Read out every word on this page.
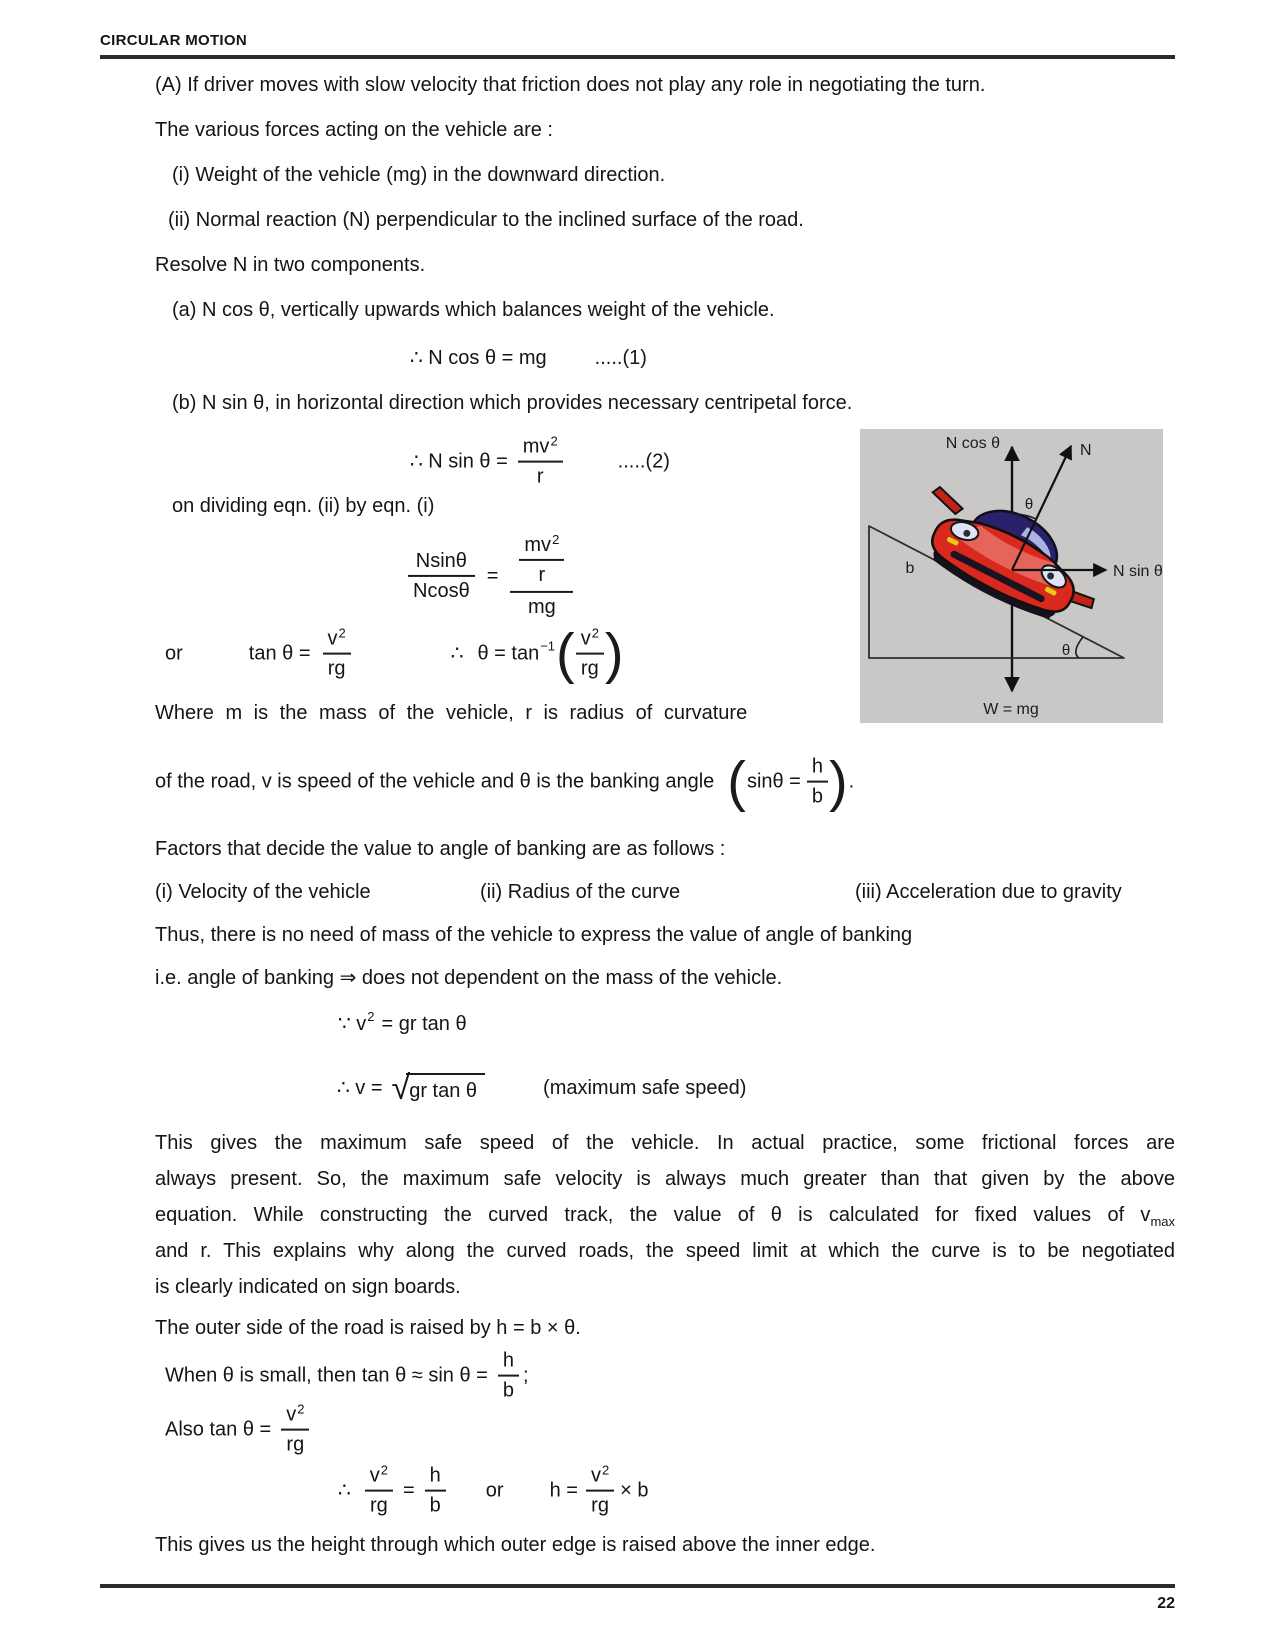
CIRCULAR MOTION
(A) If driver moves with slow velocity that friction does not play any role in negotiating the turn.
The various forces acting on the vehicle are :
(i) Weight of the vehicle (mg) in the downward direction.
(ii) Normal reaction (N) perpendicular to the inclined surface of the road.
Resolve N in two components.
(a) N cos θ, vertically upwards which balances weight of the vehicle.
∴ N cos θ = mg .....(1)
(b) N sin θ, in horizontal direction which provides necessary centripetal force.
∴ N $\sin \theta = \frac{mv^2}{r}$	.....(2)
on dividing eqn. (ii) by eqn. (i)
$\frac{Nsin\theta}{Ncos\theta} = \frac{\frac{mv^2}{r}}{mg}$
or	$\tan \theta = \frac{v^2}{rg}$	∴ θ = tan −1 ( $\frac{v^2}{rg}$ )
Where m is the mass of the vehicle, r is radius of curvature
of the road, v is speed of the vehicle and θ is the banking angle ( $\sin\theta = \frac{h}{b}$ ) .
Factors that decide the value to angle of banking are as follows :
(i) Velocity of the vehicle	(ii) Radius of the curve	(iii) Acceleration due to gravity
Thus, there is no need of mass of the vehicle to express the value of angle of banking
i.e. angle of banking ⇒ does not dependent on the mass of the vehicle.
∵ v 2 = gr tan θ
∴ v = √ gr tan θ	(maximum safe speed)
This gives the maximum safe speed of the vehicle. In actual practice, some frictional forces are
always present. So, the maximum safe velocity is always much greater than that given by the above
equation. While constructing the curved track, the value of θ is calculated for fixed values of $v_{max}$
and r. This explains why along the curved roads, the speed limit at which the curve is to be negotiated
is clearly indicated on sign boards.
The outer side of the road is raised by h = b × θ.
When θ is small, then $\tan \theta \approx \sin \theta = \frac{h}{b}$ ;
Also $\tan \theta = \frac{v^2}{rg}$
∴ $\frac{v^2}{rg} = \frac{h}{b}$ or $h = \frac{v^2}{rg} \times b$
This gives us the height through which outer edge is raised above the inner edge.
N cos θ	N
N sin θ
W = mg
θ
θ
b
22
